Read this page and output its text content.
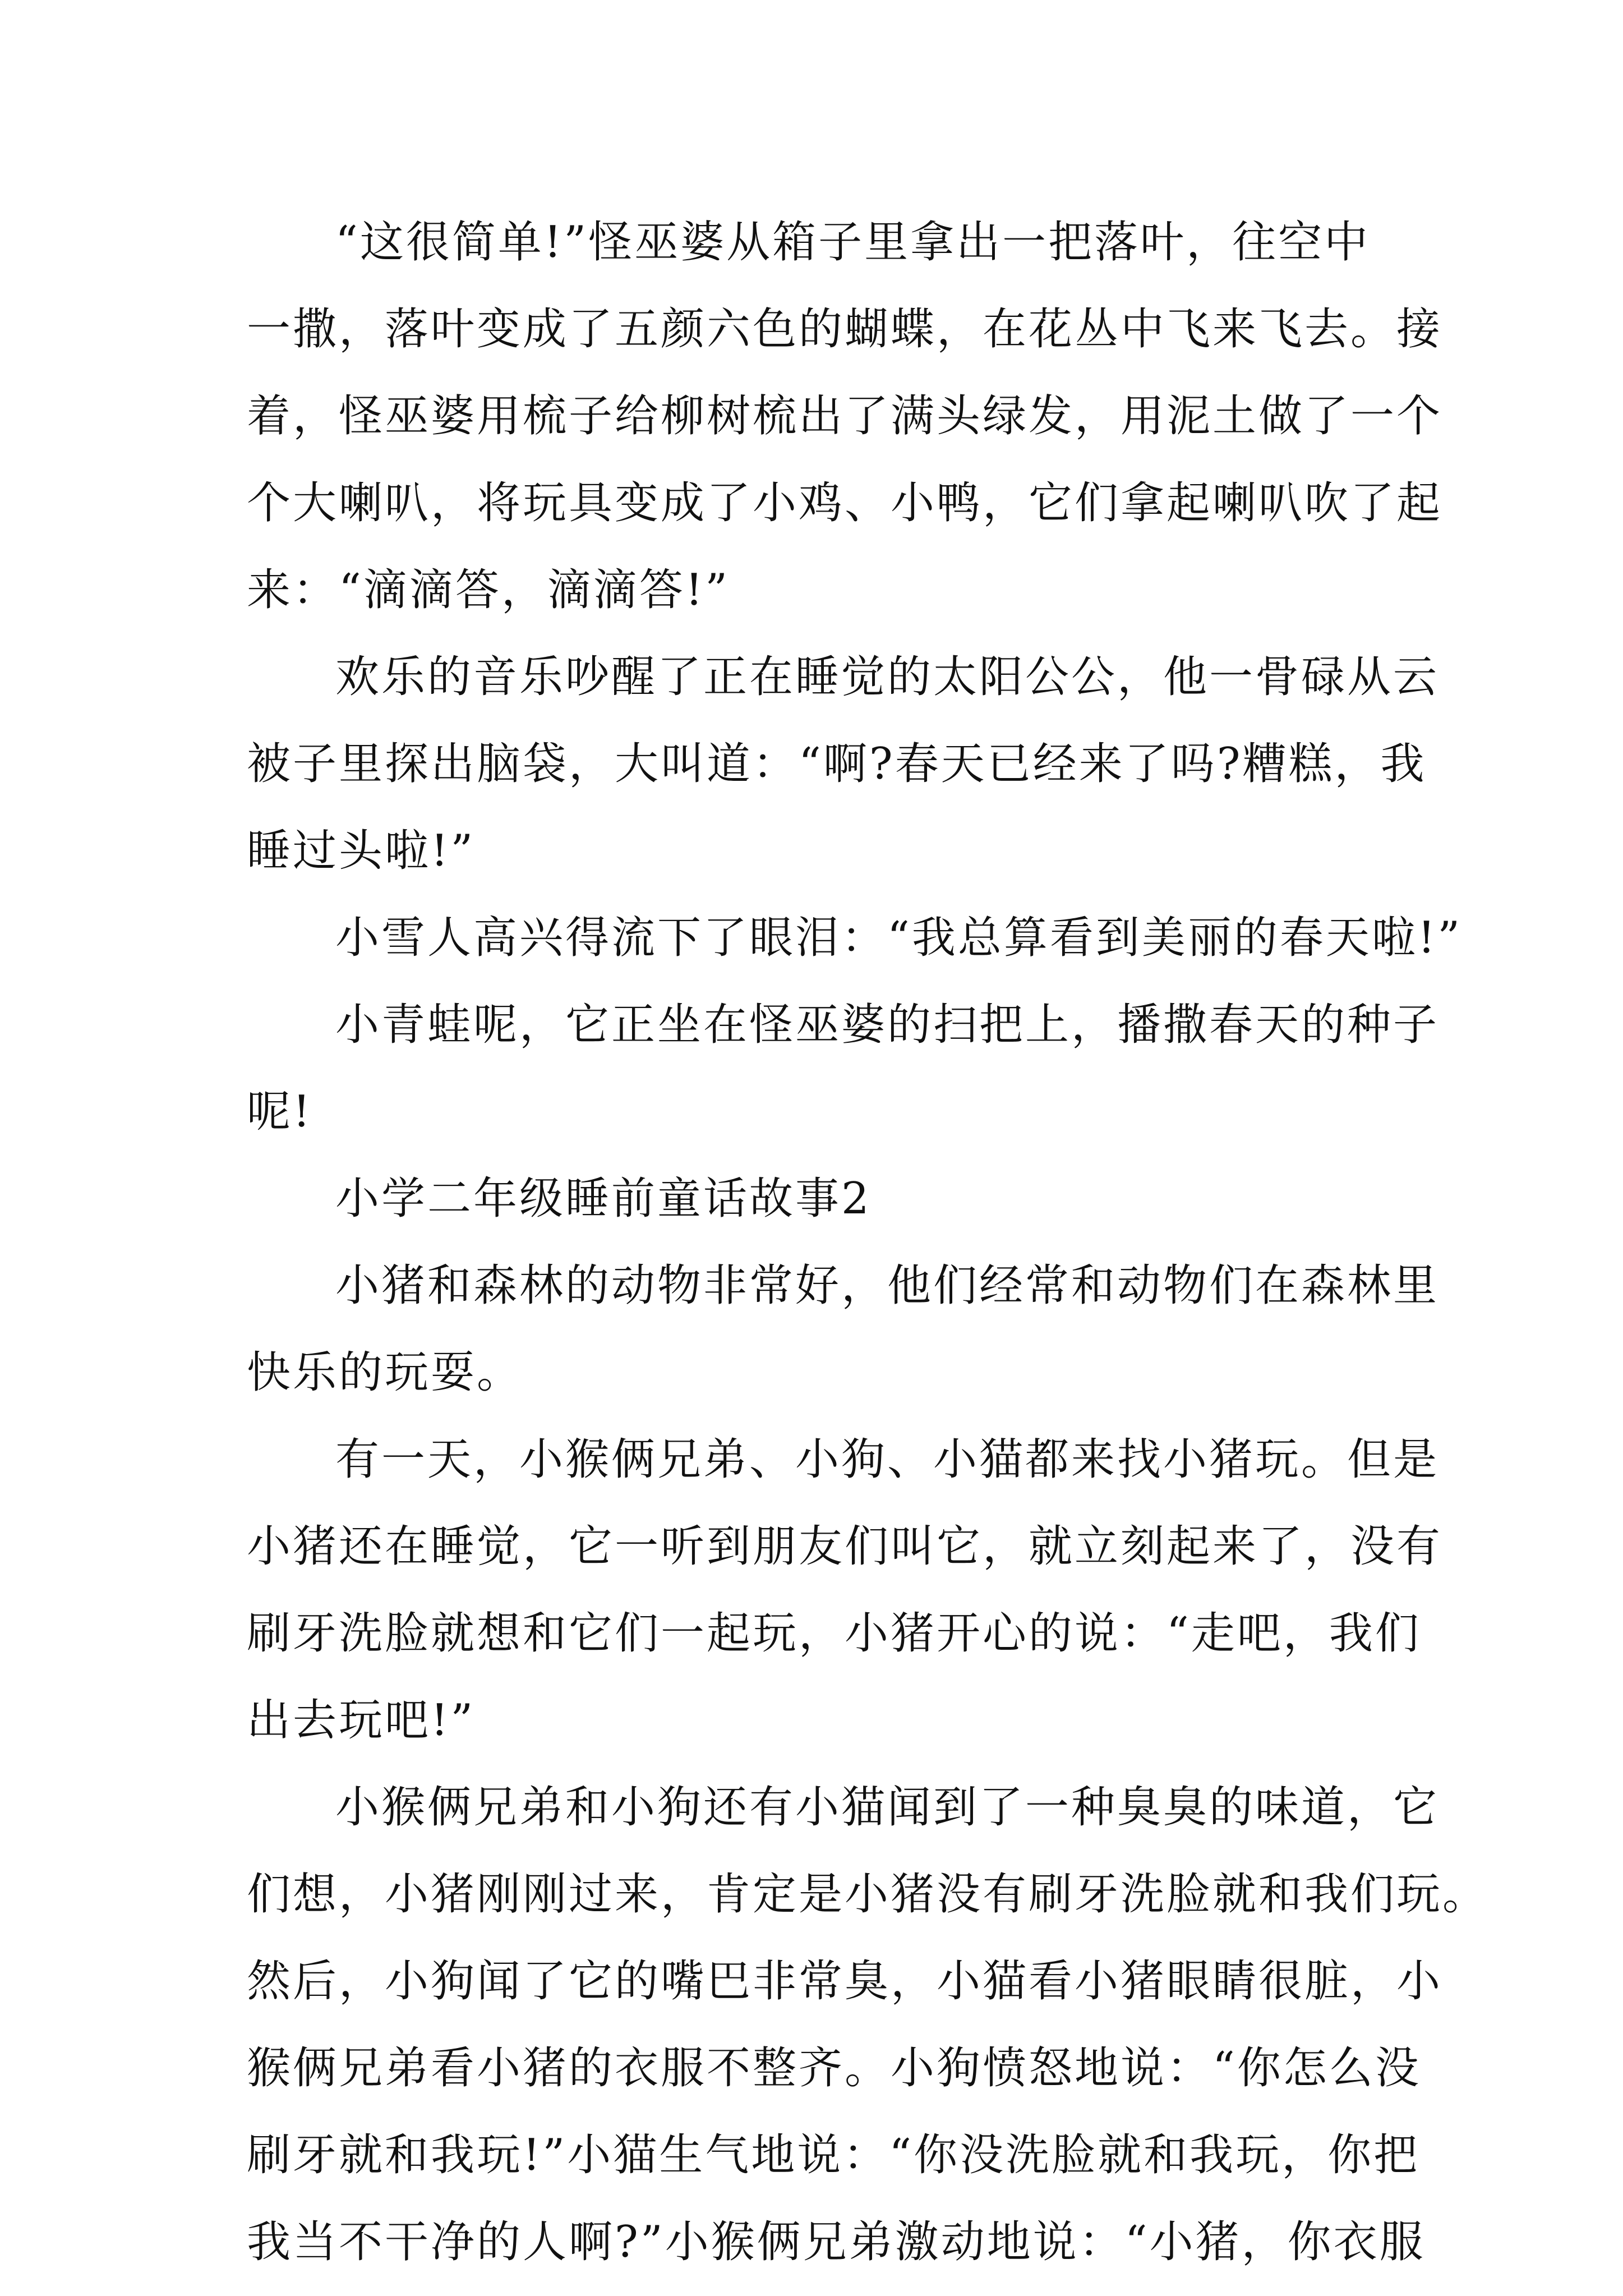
“这很简单!”怪巫婆从箱子里拿出一把落叶，往空中
一撒，落叶变成了五颜六色的蝴蝶，在花丛中飞来飞去。接
着，怪巫婆用梳子给柳树梳出了满头绿发，用泥土做了一个
个大喇叭，将玩具变成了小鸡、小鸭，它们拿起喇叭吹了起
来：“滴滴答，滴滴答!”
欢乐的音乐吵醒了正在睡觉的太阳公公，他一骨碌从云
被子里探出脑袋，大叫道：“啊?春天已经来了吗?糟糕，我
睡过头啦!”
小雪人高兴得流下了眼泪：“我总算看到美丽的春天啦!”
小青蛙呢，它正坐在怪巫婆的扫把上，播撒春天的种子
呢!
小学二年级睡前童话故事2
小猪和森林的动物非常好，他们经常和动物们在森林里
快乐的玩耍。
有一天，小猴俩兄弟、小狗、小猫都来找小猪玩。但是
小猪还在睡觉，它一听到朋友们叫它，就立刻起来了，没有
刷牙洗脸就想和它们一起玩，小猪开心的说：“走吧，我们
出去玩吧!”
小猴俩兄弟和小狗还有小猫闻到了一种臭臭的味道，它
们想，小猪刚刚过来，肯定是小猪没有刷牙洗脸就和我们玩。
然后，小狗闻了它的嘴巴非常臭，小猫看小猪眼睛很脏，小
猴俩兄弟看小猪的衣服不整齐。小狗愤怒地说：“你怎么没
刷牙就和我玩!”小猫生气地说：“你没洗脸就和我玩，你把
我当不干净的人啊?”小猴俩兄弟激动地说：“小猪，你衣服
